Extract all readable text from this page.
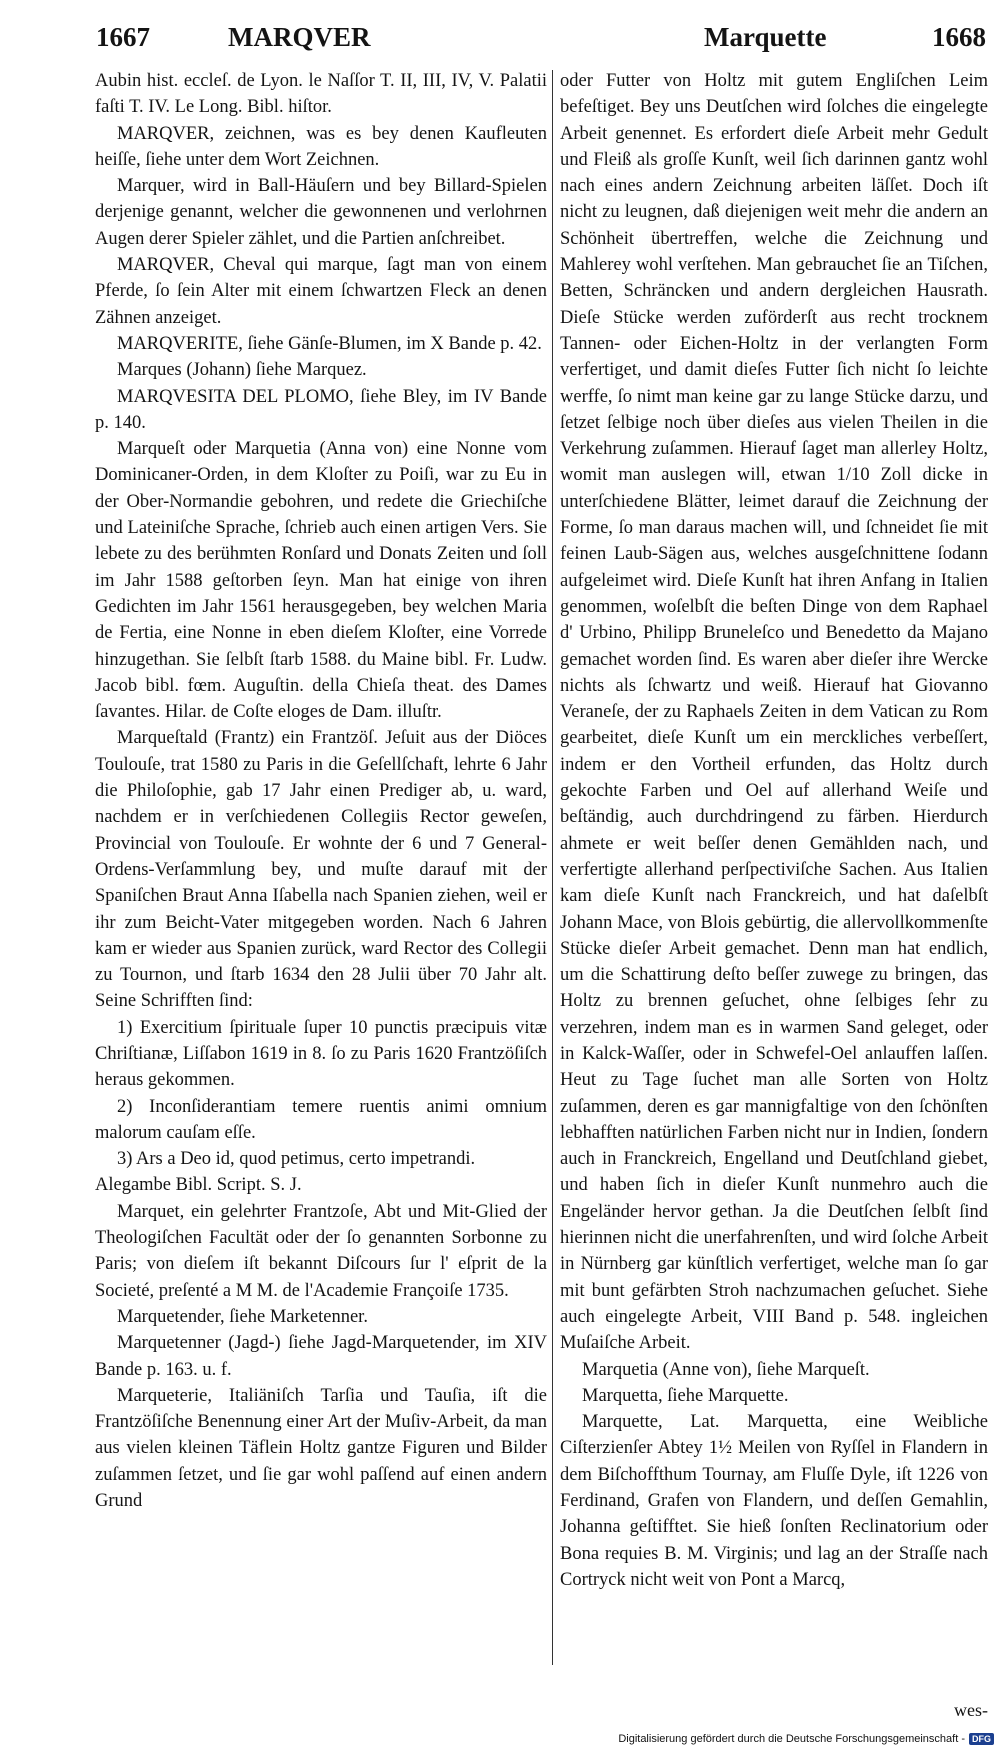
1667	MARQVER	Marquette	1668

Aubin hist. eccleſ. de Lyon. le Naſſor T. II, III, IV, V. Palatii faſti T. IV. Le Long. Bibl. hiſtor.

MARQVER, zeichnen, was es bey denen Kaufleuten heiſſe, ſiehe unter dem Wort Zeichnen.

Marquer, wird in Ball-Häuſern und bey Billard-Spielen derjenige genannt, welcher die gewonnenen und verlohrnen Augen derer Spieler zählet, und die Partien anſchreibet.

MARQVER, Cheval qui marque, ſagt man von einem Pferde, ſo ſein Alter mit einem ſchwartzen Fleck an denen Zähnen anzeiget.

MARQVERITE, ſiehe Gänſe-Blumen, im X Bande p. 42.

Marques (Johann) ſiehe Marquez.

MARQVESITA DEL PLOMO, ſiehe Bley, im IV Bande p. 140.

Marqueſt oder Marquetia (Anna von) eine Nonne vom Dominicaner-Orden, in dem Kloſter zu Poiſi, war zu Eu in der Ober-Normandie gebohren, und redete die Griechiſche und Lateiniſche Sprache, ſchrieb auch einen artigen Vers. Sie lebete zu des berühmten Ronſard und Donats Zeiten und ſoll im Jahr 1588 geſtorben ſeyn. Man hat einige von ihren Gedichten im Jahr 1561 herausgegeben, bey welchen Maria de Fertia, eine Nonne in eben dieſem Kloſter, eine Vorrede hinzugethan. Sie ſelbſt ſtarb 1588. du Maine bibl. Fr. Ludw. Jacob bibl. fœm. Auguſtin. della Chieſa theat. des Dames ſavantes. Hilar. de Coſte eloges de Dam. illuſtr.

Marqueſtald (Frantz) ein Frantzöſ. Jeſuit aus der Diöces Toulouſe, trat 1580 zu Paris in die Geſellſchaft, lehrte 6 Jahr die Philoſophie, gab 17 Jahr einen Prediger ab, u. ward, nachdem er in verſchiedenen Collegiis Rector geweſen, Provincial von Toulouſe. Er wohnte der 6 und 7 General-Ordens-Verſammlung bey, und muſte darauf mit der Spaniſchen Braut Anna Iſabella nach Spanien ziehen, weil er ihr zum Beicht-Vater mitgegeben worden. Nach 6 Jahren kam er wieder aus Spanien zurück, ward Rector des Collegii zu Tournon, und ſtarb 1634 den 28 Julii über 70 Jahr alt. Seine Schrifften ſind:

1) Exercitium ſpirituale ſuper 10 punctis præcipuis vitæ Chriſtianæ, Liſſabon 1619 in 8. ſo zu Paris 1620 Frantzöſiſch heraus gekommen.

2) Inconſiderantiam temere ruentis animi omnium malorum cauſam eſſe.

3) Ars a Deo id, quod petimus, certo impetrandi.

Alegambe Bibl. Script. S. J.

Marquet, ein gelehrter Frantzoſe, Abt und Mit-Glied der Theologiſchen Facultät oder der ſo genannten Sorbonne zu Paris; von dieſem iſt bekannt Diſcours ſur l' eſprit de la Societé, preſenté a M M. de l'Academie Françoiſe 1735.

Marquetender, ſiehe Marketenner.

Marquetenner (Jagd-) ſiehe Jagd-Marquetender, im XIV Bande p. 163. u. f.

Marqueterie, Italiäniſch Tarſia und Tauſia, iſt die Frantzöſiſche Benennung einer Art der Muſiv-Arbeit, da man aus vielen kleinen Täflein Holtz gantze Figuren und Bilder zuſammen ſetzet, und ſie gar wohl paſſend auf einen andern Grund

oder Futter von Holtz mit gutem Engliſchen Leim befeſtiget. Bey uns Deutſchen wird ſolches die eingelegte Arbeit genennet. Es erfordert dieſe Arbeit mehr Gedult und Fleiß als groſſe Kunſt, weil ſich darinnen gantz wohl nach eines andern Zeichnung arbeiten läſſet. Doch iſt nicht zu leugnen, daß diejenigen weit mehr die andern an Schönheit übertreffen, welche die Zeichnung und Mahlerey wohl verſtehen. Man gebrauchet ſie an Tiſchen, Betten, Schräncken und andern dergleichen Hausrath. Dieſe Stücke werden zuförderſt aus recht trocknem Tannen- oder Eichen-Holtz in der verlangten Form verfertiget, und damit dieſes Futter ſich nicht ſo leichte werffe, ſo nimt man keine gar zu lange Stücke darzu, und ſetzet ſelbige noch über dieſes aus vielen Theilen in die Verkehrung zuſammen. Hierauf ſaget man allerley Holtz, womit man auslegen will, etwan 1/10 Zoll dicke in unterſchiedene Blätter, leimet darauf die Zeichnung der Forme, ſo man daraus machen will, und ſchneidet ſie mit feinen Laub-Sägen aus, welches ausgeſchnittene ſodann aufgeleimet wird. Dieſe Kunſt hat ihren Anfang in Italien genommen, woſelbſt die beſten Dinge von dem Raphael d' Urbino, Philipp Bruneleſco und Benedetto da Majano gemachet worden ſind. Es waren aber dieſer ihre Wercke nichts als ſchwartz und weiß. Hierauf hat Giovanno Veraneſe, der zu Raphaels Zeiten in dem Vatican zu Rom gearbeitet, dieſe Kunſt um ein merckliches verbeſſert, indem er den Vortheil erfunden, das Holtz durch gekochte Farben und Oel auf allerhand Weiſe und beſtändig, auch durchdringend zu färben. Hierdurch ahmete er weit beſſer denen Gemählden nach, und verfertigte allerhand perſpectiviſche Sachen. Aus Italien kam dieſe Kunſt nach Franckreich, und hat daſelbſt Johann Mace, von Blois gebürtig, die allervollkommenſte Stücke dieſer Arbeit gemachet. Denn man hat endlich, um die Schattirung deſto beſſer zuwege zu bringen, das Holtz zu brennen geſuchet, ohne ſelbiges ſehr zu verzehren, indem man es in warmen Sand geleget, oder in Kalck-Waſſer, oder in Schwefel-Oel anlauffen laſſen. Heut zu Tage ſuchet man alle Sorten von Holtz zuſammen, deren es gar mannigfaltige von den ſchönſten lebhafften natürlichen Farben nicht nur in Indien, ſondern auch in Franckreich, Engelland und Deutſchland giebet, und haben ſich in dieſer Kunſt nunmehro auch die Engeländer hervor gethan. Ja die Deutſchen ſelbſt ſind hierinnen nicht die unerfahrenſten, und wird ſolche Arbeit in Nürnberg gar künſtlich verfertiget, welche man ſo gar mit bunt gefärbten Stroh nachzumachen geſuchet. Siehe auch eingelegte Arbeit, VIII Band p. 548. ingleichen Muſaiſche Arbeit.

Marquetia (Anne von), ſiehe Marqueſt.

Marquetta, ſiehe Marquette.

Marquette, Lat. Marquetta, eine Weibliche Ciſterzienſer Abtey 1½ Meilen von Ryſſel in Flandern in dem Biſchoffthum Tournay, am Fluſſe Dyle, iſt 1226 von Ferdinand, Grafen von Flandern, und deſſen Gemahlin, Johanna geſtifftet. Sie hieß ſonſten Reclinatorium oder Bona requies B. M. Virginis; und lag an der Straſſe nach Cortryck nicht weit von Pont a Marcq,

wes-
Digitalisierung gefördert durch die Deutsche Forschungsgemeinschaft - DFG
